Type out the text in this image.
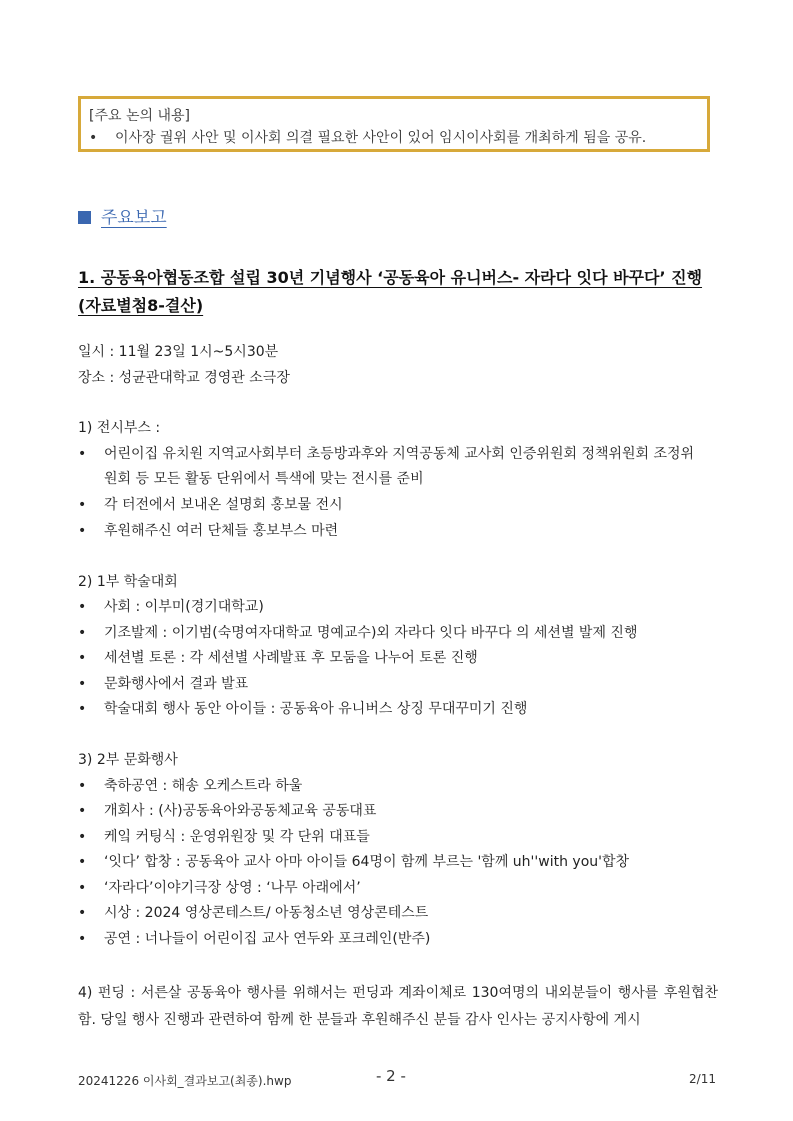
[주요 논의 내용]
• 이사장 궐위 사안 및 이사회 의결 필요한 사안이 있어 임시이사회를 개최하게 됨을 공유.
주요보고
1. 공동육아협동조합 설립 30년 기념행사 ‘공동육아 유니버스- 자라다 잇다 바꾸다’ 진행(자료별첨8-결산)
일시 : 11월 23일 1시~5시30분
장소 : 성균관대학교 경영관 소극장
1) 전시부스 :
• 어린이집 유치원 지역교사회부터 초등방과후와 지역공동체 교사회 인증위원회 정책위원회 조정위
원회 등 모든 활동 단위에서 특색에 맞는 전시를 준비
• 각 터전에서 보내온 설명회 홍보물 전시
• 후원해주신 여러 단체들 홍보부스 마련
2) 1부 학술대회
• 사회 : 이부미(경기대학교)
• 기조발제 : 이기범(숙명여자대학교 명예교수)외 자라다 잇다 바꾸다 의 세션별 발제 진행
• 세션별 토론 : 각 세션별 사례발표 후 모둠을 나누어 토론 진행
• 문화행사에서 결과 발표
• 학술대회 행사 동안 아이들 : 공동육아 유니버스 상징 무대꾸미기 진행
3) 2부 문화행사
• 축하공연 : 해송 오케스트라 하울
• 개회사 : (사)공동육아와공동체교육 공동대표
• 케잌 커팅식 : 운영위원장 및 각 단위 대표들
• ‘잇다’ 합창 : 공동육아 교사 아마 아이들 64명이 함께 부르는 '함께 uh''with you'합창
• ‘자라다’이야기극장 상영 : ‘나무 아래에서’
• 시상 : 2024 영상콘테스트/ 아동청소년 영상콘테스트
• 공연 : 너나들이 어린이집 교사 연두와 포크레인(반주)
4) 펀딩 : 서른살 공동육아 행사를 위해서는 펀딩과 계좌이체로 130여명의 내외분들이 행사를 후원협찬함. 당일 행사 진행과 관련하여 함께 한 분들과 후원해주신 분들 감사 인사는 공지사항에 게시
20241226 이사회_결과보고(최종).hwp	- 2 -	2/11
